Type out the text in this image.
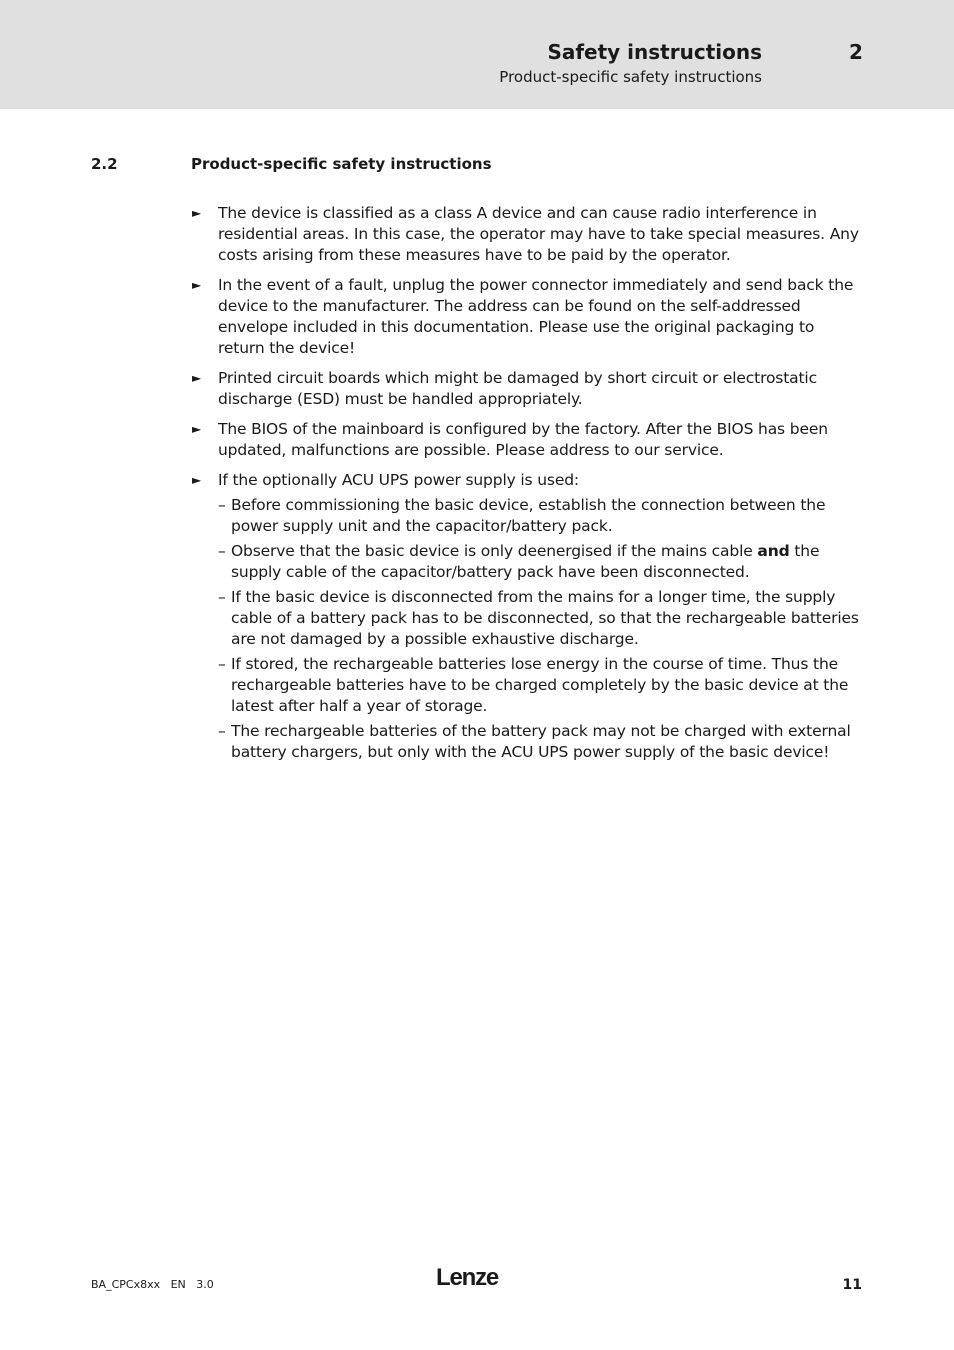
Safety instructions	2
Product-specific safety instructions
2.2	Product-specific safety instructions
► The device is classified as a class A device and can cause radio interference in residential areas. In this case, the operator may have to take special measures. Any costs arising from these measures have to be paid by the operator.
► In the event of a fault, unplug the power connector immediately and send back the device to the manufacturer. The address can be found on the self-addressed envelope included in this documentation. Please use the original packaging to return the device!
► Printed circuit boards which might be damaged by short circuit or electrostatic discharge (ESD) must be handled appropriately.
► The BIOS of the mainboard is configured by the factory. After the BIOS has been updated, malfunctions are possible. Please address to our service.
► If the optionally ACU UPS power supply is used:
– Before commissioning the basic device, establish the connection between the power supply unit and the capacitor/battery pack.
– Observe that the basic device is only deenergised if the mains cable and the supply cable of the capacitor/battery pack have been disconnected.
– If the basic device is disconnected from the mains for a longer time, the supply cable of a battery pack has to be disconnected, so that the rechargeable batteries are not damaged by a possible exhaustive discharge.
– If stored, the rechargeable batteries lose energy in the course of time. Thus the rechargeable batteries have to be charged completely by the basic device at the latest after half a year of storage.
– The rechargeable batteries of the battery pack may not be charged with external battery chargers, but only with the ACU UPS power supply of the basic device!
BA_CPCx8xx   EN   3.0	Lenze	11
